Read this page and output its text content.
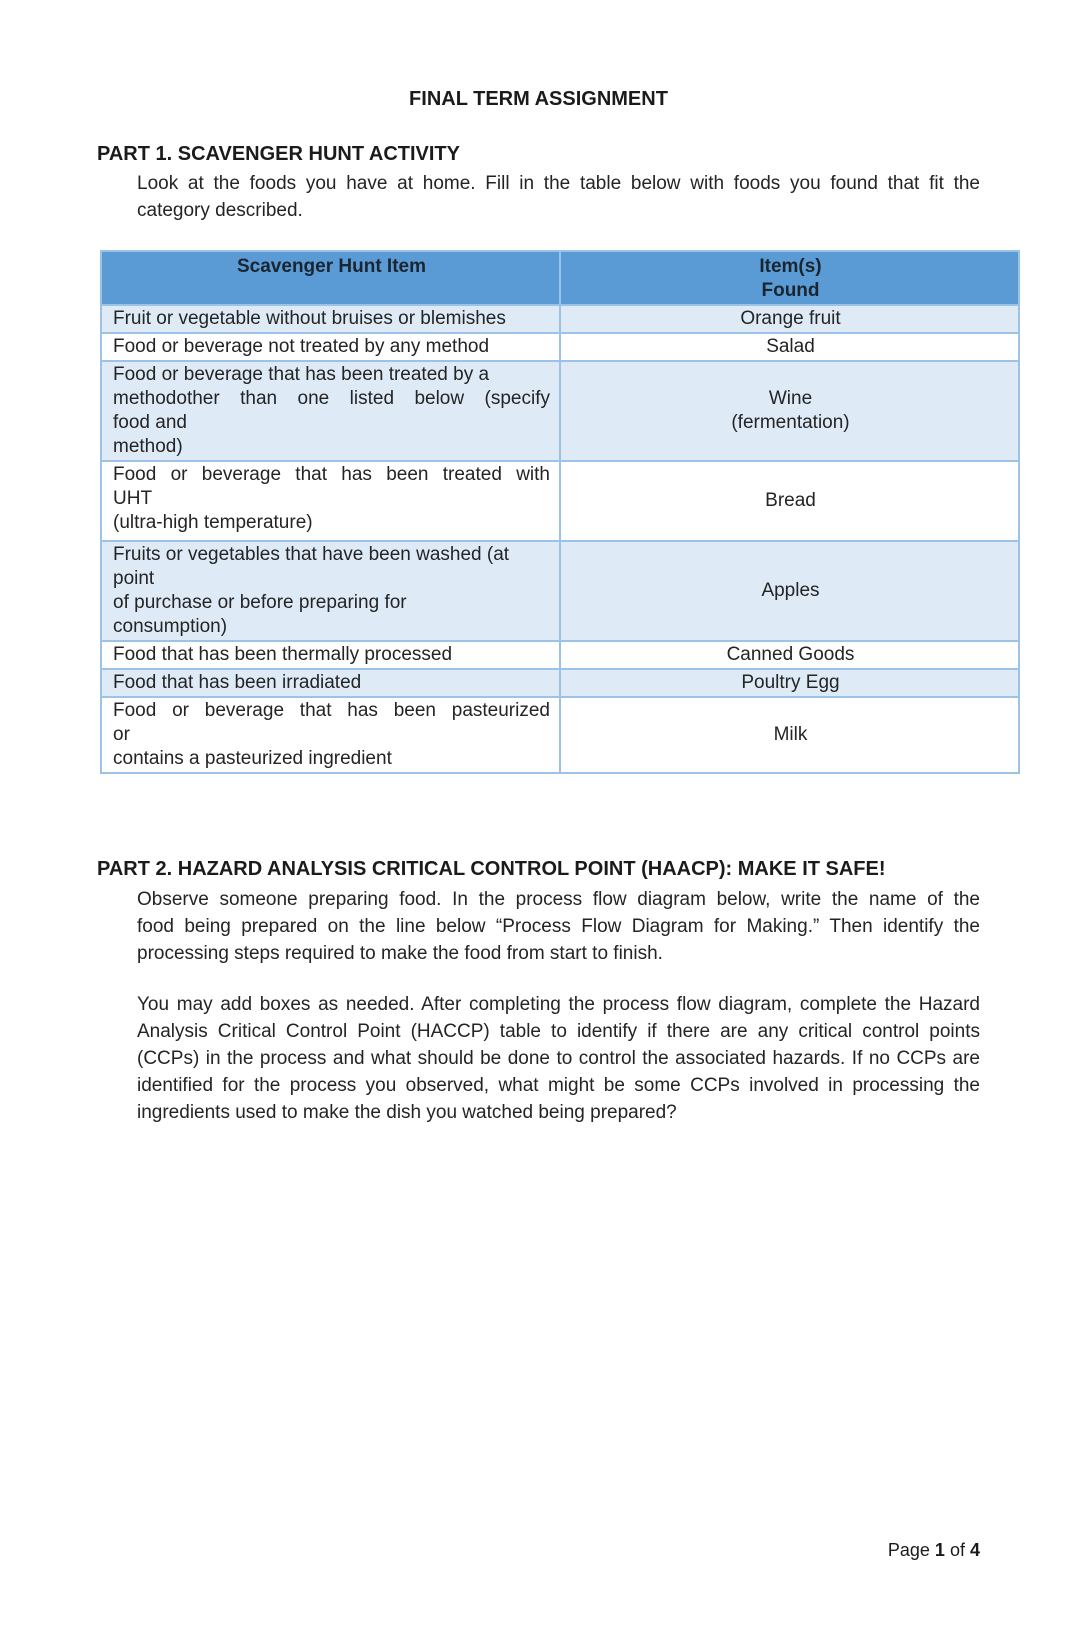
FINAL TERM ASSIGNMENT
PART 1. SCAVENGER HUNT ACTIVITY
Look at the foods you have at home. Fill in the table below with foods you found that fit the
category described.
Scavenger Hunt Item	Item(s)
Found

Fruit or vegetable without bruises or blemishes	Orange fruit

Food or beverage not treated by any method	Salad

Food or beverage that has been treated by a
methodother than one listed below (specify
food and
method)	Wine
(fermentation)

Food or beverage that has been treated with
UHT
(ultra-high temperature)	Bread

Fruits or vegetables that have been washed (at
point
of purchase or before preparing for
consumption)	Apples

Food that has been thermally processed	Canned Goods

Food that has been irradiated	Poultry Egg

Food or beverage that has been pasteurized
or
contains a pasteurized ingredient	Milk
PART 2. HAZARD ANALYSIS CRITICAL CONTROL POINT (HAACP): MAKE IT SAFE!
Observe someone preparing food. In the process flow diagram below, write the name of the
food being prepared on the line below “Process Flow Diagram for Making.” Then identify the
processing steps required to make the food from start to finish.
You may add boxes as needed. After completing the process flow diagram, complete the Hazard
Analysis Critical Control Point (HACCP) table to identify if there are any critical control points
(CCPs) in the process and what should be done to control the associated hazards. If no CCPs are
identified for the process you observed, what might be some CCPs involved in processing the
ingredients used to make the dish you watched being prepared?
Page 1 of 4
